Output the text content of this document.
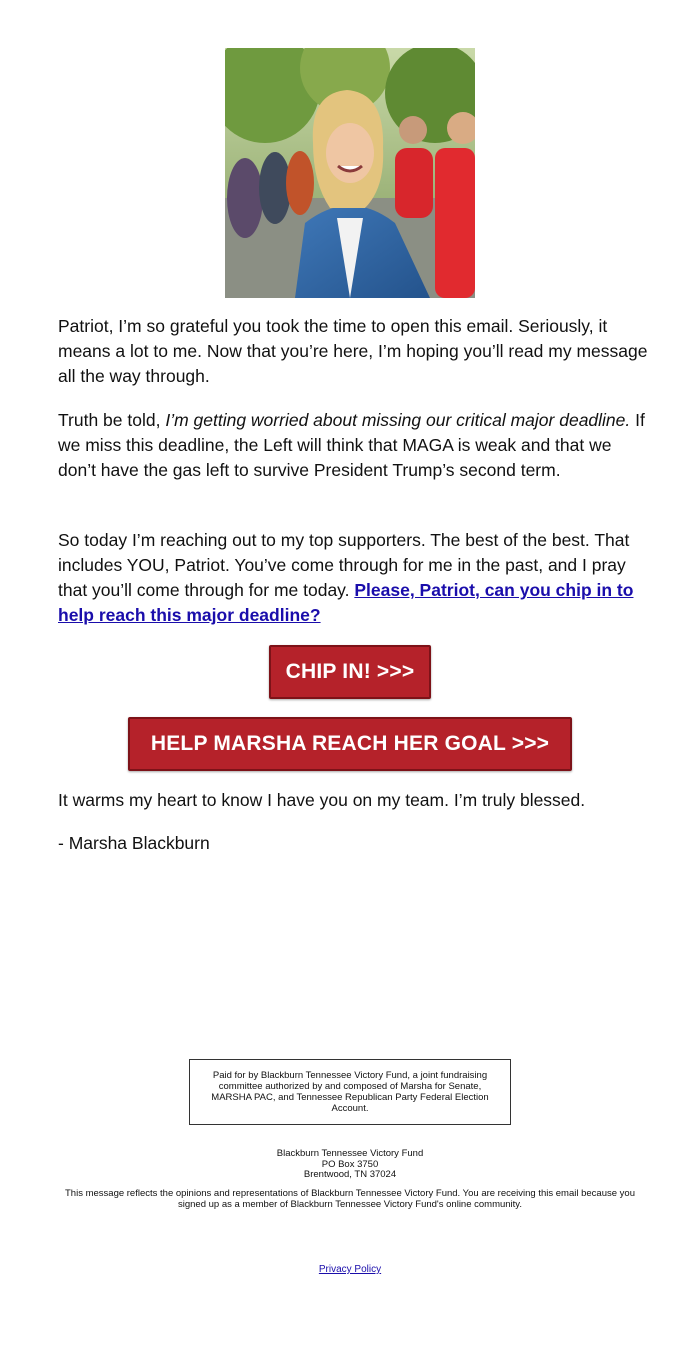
Patriot, I’m so grateful you took the time to open this email. Seriously, it means a lot to me. Now that you’re here, I’m hoping you’ll read my message all the way through.

Truth be told, I’m getting worried about missing our critical major deadline. If we miss this deadline, the Left will think that MAGA is weak and that we don’t have the gas left to survive President Trump’s second term.

So today I’m reaching out to my top supporters. The best of the best. That includes YOU, Patriot. You’ve come through for me in the past, and I pray that you’ll come through for me today. Please, Patriot, can you chip in to help reach this major deadline?

CHIP IN! >>>
HELP MARSHA REACH HER GOAL >>>

It warms my heart to know I have you on my team. I’m truly blessed.

- Marsha Blackburn

Paid for by Blackburn Tennessee Victory Fund, a joint fundraising committee authorized by and composed of Marsha for Senate, MARSHA PAC, and Tennessee Republican Party Federal Election Account.
Blackburn Tennessee Victory Fund
PO Box 3750
Brentwood, TN 37024
This message reflects the opinions and representations of Blackburn Tennessee Victory Fund. You are receiving this email because you signed up as a member of Blackburn Tennessee Victory Fund's online community.
Privacy Policy
